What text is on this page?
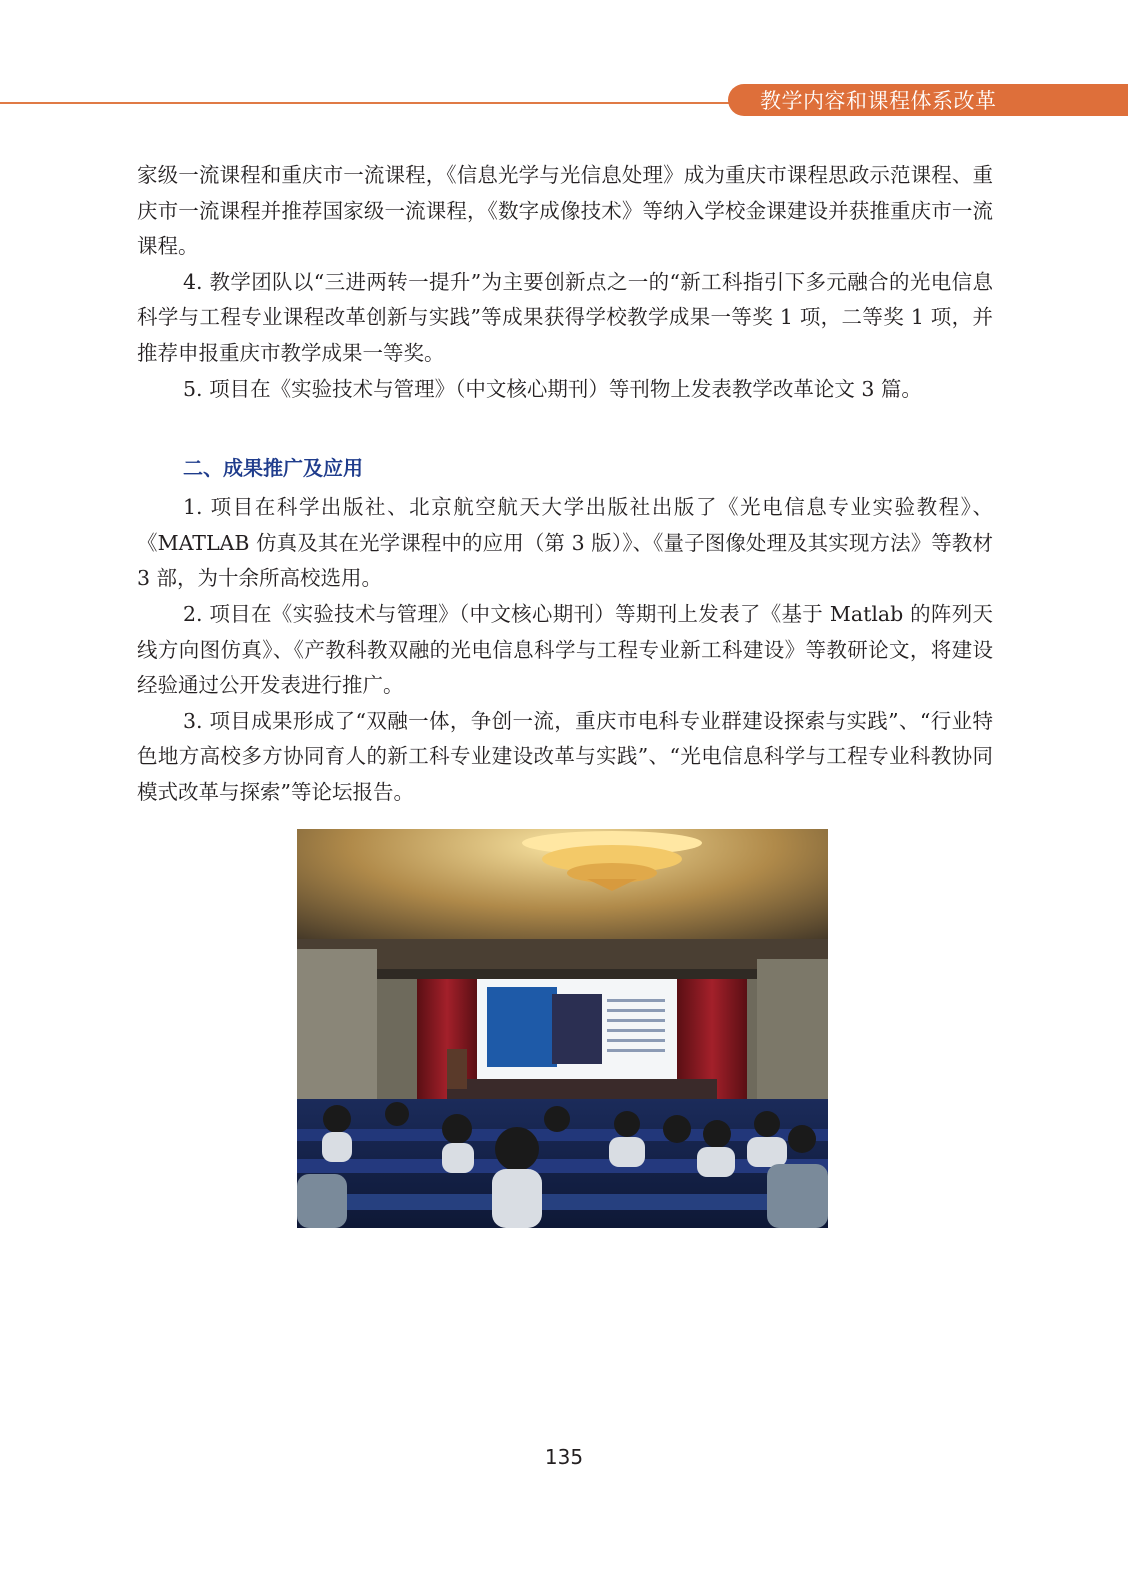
教学内容和课程体系改革

家级一流课程和重庆市一流课程，《信息光学与光信息处理》成为重庆市课程思政示范课程、重庆市一流课程并推荐国家级一流课程，《数字成像技术》等纳入学校金课建设并获推重庆市一流课程。

4. 教学团队以“三进两转一提升”为主要创新点之一的“新工科指引下多元融合的光电信息科学与工程专业课程改革创新与实践”等成果获得学校教学成果一等奖 1 项，二等奖 1 项，并推荐申报重庆市教学成果一等奖。

5. 项目在《实验技术与管理》（中文核心期刊）等刊物上发表教学改革论文 3 篇。

二、成果推广及应用

1. 项目在科学出版社、北京航空航天大学出版社出版了《光电信息专业实验教程》、《MATLAB 仿真及其在光学课程中的应用（第 3 版）》、《量子图像处理及其实现方法》等教材 3 部，为十余所高校选用。

2. 项目在《实验技术与管理》（中文核心期刊）等期刊上发表了《基于 Matlab 的阵列天线方向图仿真》、《产教科教双融的光电信息科学与工程专业新工科建设》等教研论文，将建设经验通过公开发表进行推广。

3. 项目成果形成了“双融一体，争创一流，重庆市电科专业群建设探索与实践”、“行业特色地方高校多方协同育人的新工科专业建设改革与实践”、“光电信息科学与工程专业科教协同模式改革与探索”等论坛报告。

135
